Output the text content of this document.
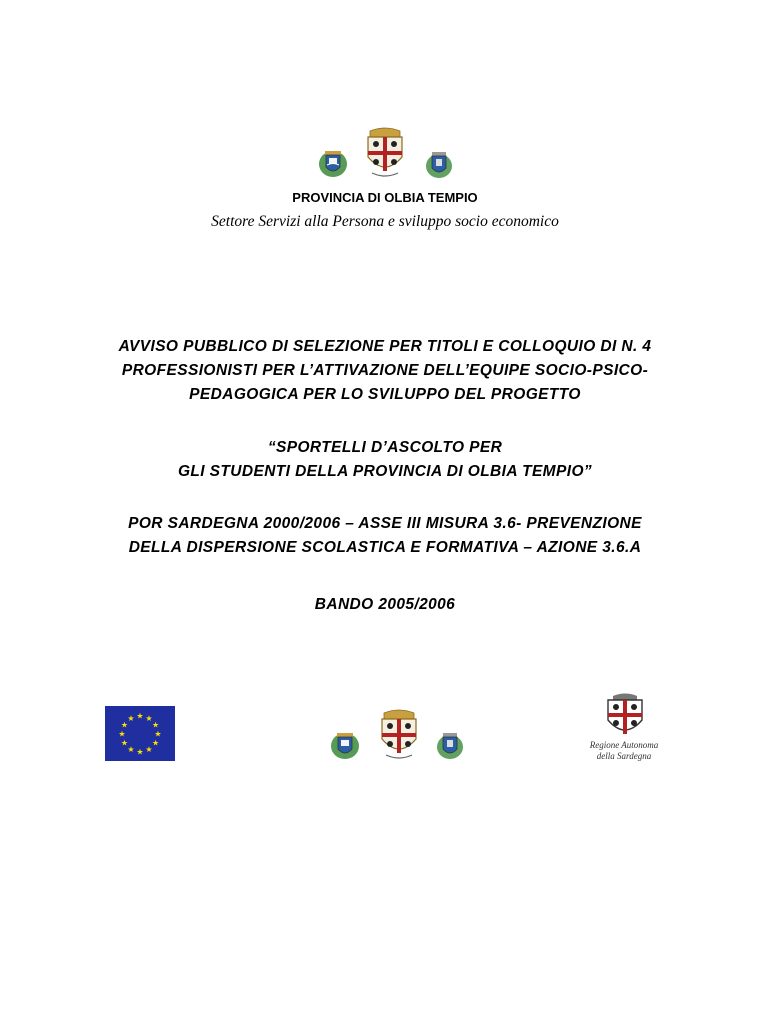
PROVINCIA DI OLBIA TEMPIO
Settore Servizi alla Persona e sviluppo socio economico
AVVISO PUBBLICO DI SELEZIONE PER TITOLI E COLLOQUIO DI N. 4
PROFESSIONISTI PER L’ATTIVAZIONE DELL’EQUIPE SOCIO-PSICO-
PEDAGOGICA PER LO SVILUPPO DEL PROGETTO
“SPORTELLI D’ASCOLTO PER
GLI STUDENTI DELLA PROVINCIA DI OLBIA TEMPIO”
POR SARDEGNA 2000/2006 – ASSE III MISURA 3.6- PREVENZIONE
DELLA DISPERSIONE SCOLASTICA E FORMATIVA – AZIONE 3.6.A
BANDO 2005/2006
★ ★
★
★
★
★
★
★
★
★
★
★
Regione Autonoma
della Sardegna
